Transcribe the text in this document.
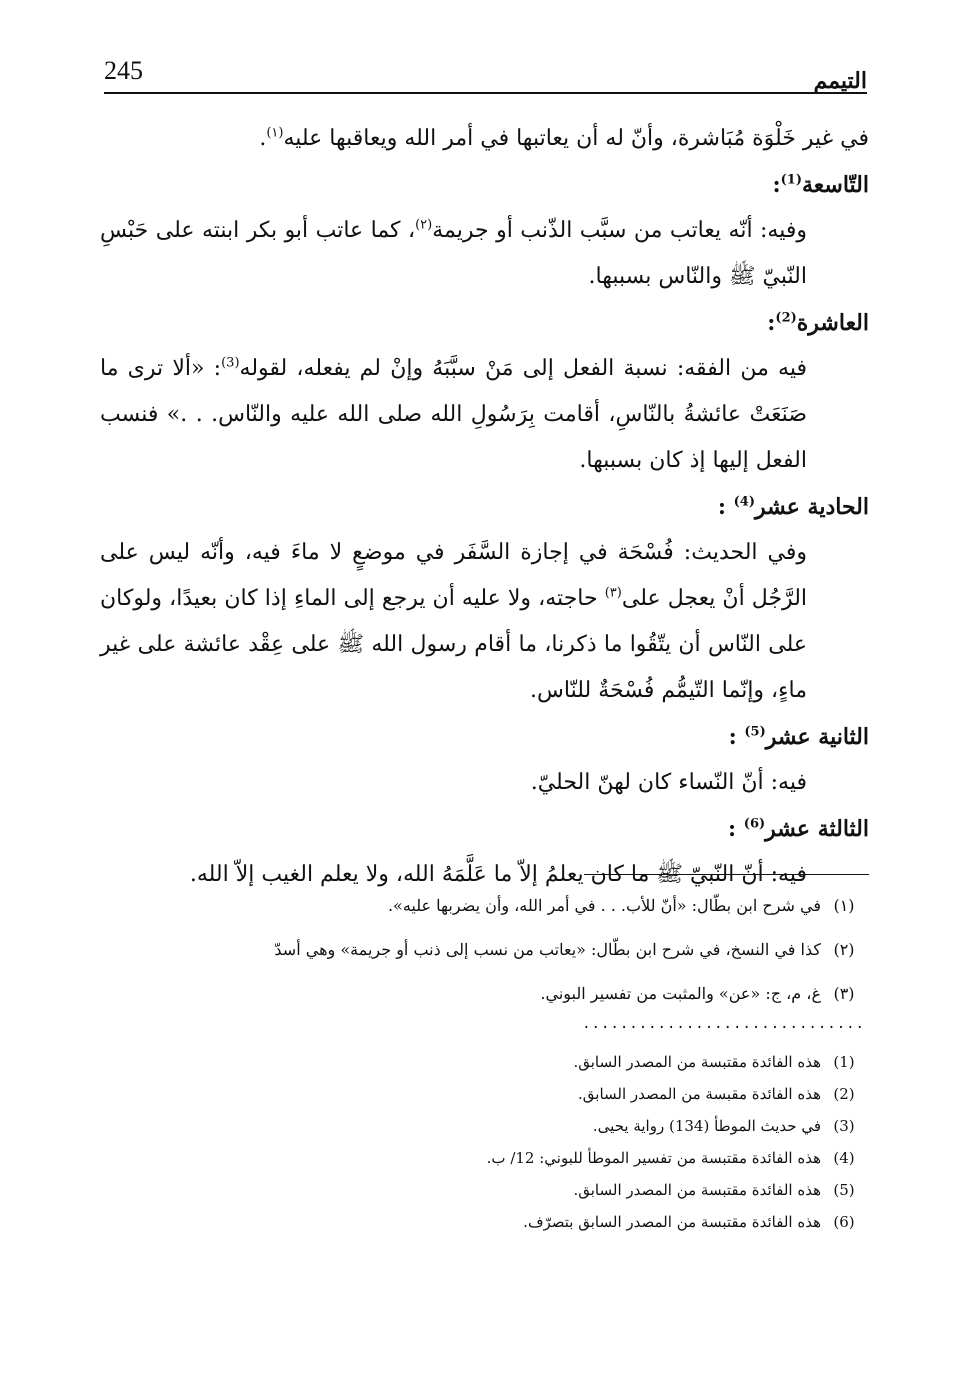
245	التيمم

في غير خَلْوَة مُبَاشرة، وأنّ له أن يعاتبها في أمر الله ويعاقبها عليه$^{(١)}$.

التّاسعة$^{(1)}$:

وفيه: أنّه يعاتب من سبَّب الذّنب أو جريمة$^{(٢)}$، كما عاتب أبو بكر ابنته على حَبْسِ النّبيّ ﷺ والنّاس بسببها.

العاشرة$^{(2)}$:

فيه من الفقه: نسبة الفعل إلى مَنْ سبَّبَهُ وإنْ لم يفعله، لقوله$^{(3)}$: «ألا ترى ما صَنَعَتْ عائشةُ بالنّاسِ، أقامت بِرَسُولِ الله صلى الله عليه والنّاس. . .» فنسب الفعل إليها إذ كان بسببها.

الحادية عشر$^{(4)}$ :

وفي الحديث: فُسْحَة في إجازة السَّفَر في موضعٍ لا ماءَ فيه، وأنّه ليس على الرَّجُل أنْ يعجل على$^{(٣)}$ حاجته، ولا عليه أن يرجع إلى الماءِ إذا كان بعيدًا، ولوكان على النّاس أن يتّقُوا ما ذكرنا، ما أقام رسول الله ﷺ على عِقْد عائشة على غير ماءٍ، وإنّما التّيمُّم فُسْحَةٌ للنّاس.

الثانية عشر$^{(5)}$ :

فيه: أنّ النّساء كان لهنّ الحليّ.

الثالثة عشر$^{(6)}$ :

فيه: أنّ النّبيّ ﷺ ما كان يعلمُ إلاّ ما عَلَّمَهُ الله، ولا يعلم الغيب إلاّ الله.

(١)
في شرح ابن بطّال: «أنّ للأب. . . في أمر الله، وأن يضربها عليه».
(٢)
كذا في النسخ، في شرح ابن بطّال: «يعاتب من نسب إلى ذنب أو جريمة» وهي أسدّ
(٣)
غ، م، ج: «عن» والمثبت من تفسير البوني.
..............................
(1)
هذه الفائدة مقتبسة من المصدر السابق.
(2)
هذه الفائدة مقبسة من المصدر السابق.
(3)
في حديث الموطأ (134) رواية يحيى.
(4)
هذه الفائدة مقتبسة من تفسير الموطأ للبوني: 12/ ب.
(5)
هذه الفائدة مقتبسة من المصدر السابق.
(6)
هذه الفائدة مقتبسة من المصدر السابق بتصرّف.
